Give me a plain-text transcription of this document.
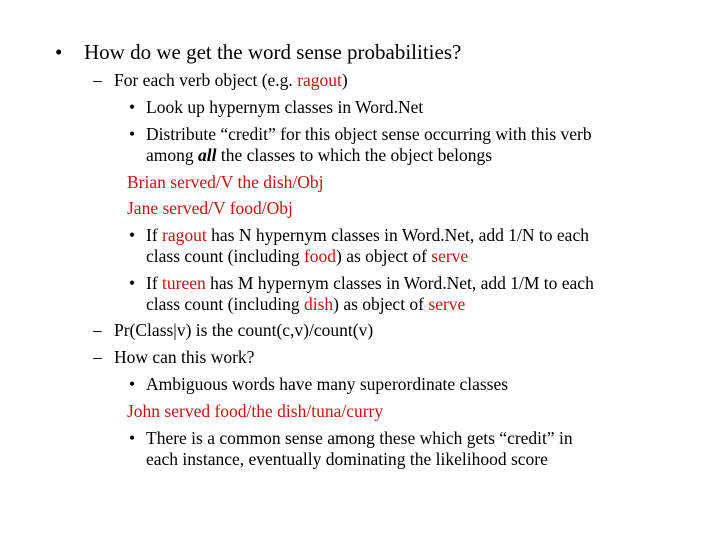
• How do we get the word sense probabilities?
– For each verb object (e.g. ragout)
• Look up hypernym classes in Word.Net
• Distribute “credit” for this object sense occurring with this verb
among all the classes to which the object belongs
Brian served/V the dish/Obj
Jane served/V food/Obj
• If ragout has N hypernym classes in Word.Net, add 1/N to each
class count (including food) as object of serve
• If tureen has M hypernym classes in Word.Net, add 1/M to each
class count (including dish) as object of serve
– Pr(Class|v) is the count(c,v)/count(v)
– How can this work?
• Ambiguous words have many superordinate classes
John served food/the dish/tuna/curry
• There is a common sense among these which gets “credit” in
each instance, eventually dominating the likelihood score
